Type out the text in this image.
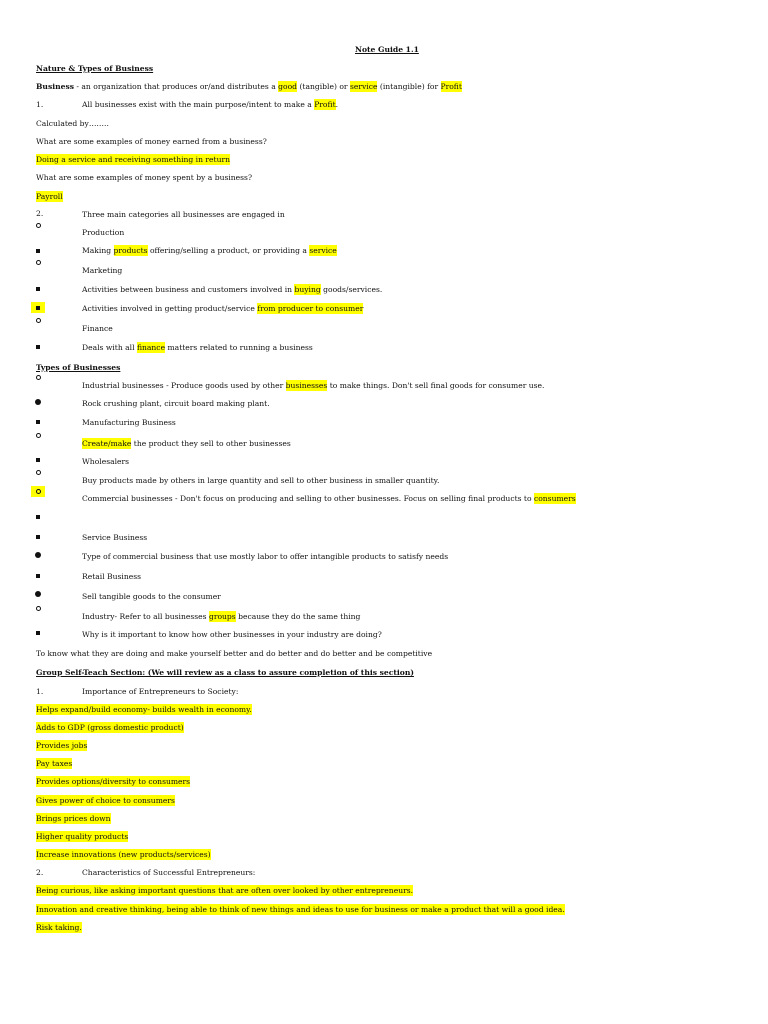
Note Guide 1.1
Nature & Types of Business
Business - an organization that produces or/and distributes a good (tangible) or service (intangible) for Profit
1.	All businesses exist with the main purpose/intent to make a Profit.
Calculated by……..
What are some examples of money earned from a business?
Doing a service and receiving something in return
What are some examples of money spent by a business?
Payroll
2.	Three main categories all businesses are engaged in
Production
Making products offering/selling a product, or providing a service
Marketing
Activities between business and customers involved in buying goods/services.
Activities involved in getting product/service from producer to consumer
Finance
Deals with all finance matters related to running a business
Types of Businesses
Industrial businesses - Produce goods used by other businesses to make things. Don't sell final goods for consumer use.
Rock crushing plant, circuit board making plant.
Manufacturing Business
Create/make the product they sell to other businesses
Wholesalers
Buy products made by others in large quantity and sell to other business in smaller quantity.
Commercial businesses - Don't focus on producing and selling to other businesses. Focus on selling final products to consumers
Service Business
Type of commercial business that use mostly labor to offer intangible products to satisfy needs
Retail Business
Sell tangible goods to the consumer
Industry- Refer to all businesses groups because they do the same thing
Why is it important to know how other businesses in your industry are doing?
To know what they are doing and make yourself better and do better and do better and be competitive
Group Self-Teach Section: (We will review as a class to assure completion of this section)
1.	Importance of Entrepreneurs to Society:
Helps expand/build economy- builds wealth in economy.
Adds to GDP (gross domestic product)
Provides jobs
Pay taxes
Provides options/diversity to consumers
Gives power of choice to consumers
Brings prices down
Higher quality products
Increase innovations (new products/services)
2.	Characteristics of Successful Entrepreneurs:
Being curious, like asking important questions that are often over looked by other entrepreneurs.
Innovation and creative thinking, being able to think of new things and ideas to use for business or make a product that will a good idea.
Risk taking.
